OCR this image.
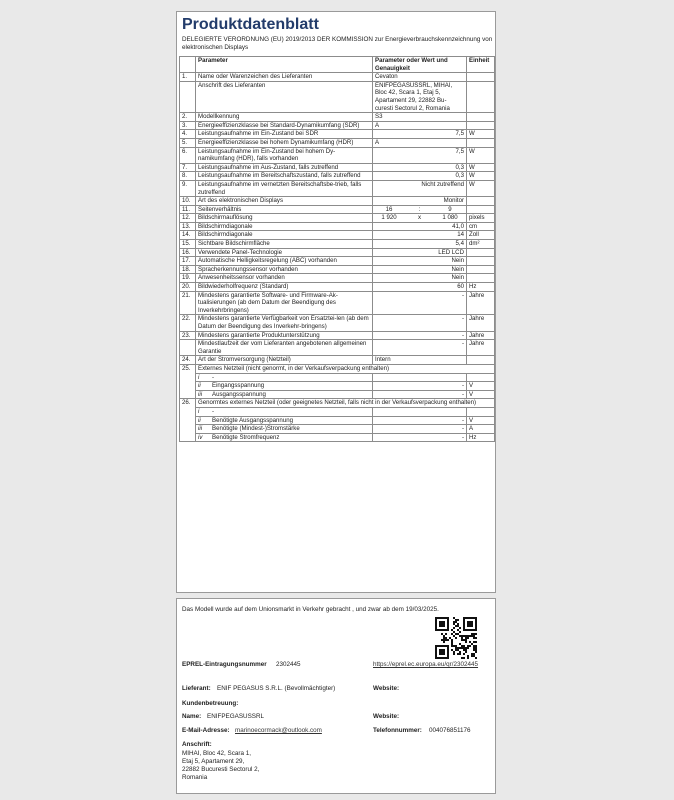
Produktdatenblatt
DELEGIERTE VERORDNUNG (EU) 2019/2013 DER KOMMISSION zur Energieverbrauchskennzeichnung von elektronischen Displays
	Parameter	Parameter oder Wert und Genauigkeit	Einheit
1.	Name oder Warenzeichen des Lieferanten	Cevaton	
	Anschrift des Lieferanten	ENIFPEGASUSSRL, MIHAI, Bloc 42, Scara 1, Etaj 5, Apartament 29, 22882 Bu-curesti Sectorul 2, Romania	
2.	Modellkennung	S3	
3.	Energieeffizienzklasse bei Standard-Dynamikumfang (SDR)	A	
4.	Leistungsaufnahme im Ein-Zustand bei SDR	7,5	W
5.	Energieeffizienzklasse bei hohem Dynamikumfang (HDR)	A	
6.	Leistungsaufnahme im Ein-Zustand bei hohem Dy-namikumfang (HDR), falls vorhanden	7,5	W
7.	Leistungsaufnahme im Aus-Zustand, falls zutreffend	0,3	W
8.	Leistungsaufnahme im Bereitschaftszustand, falls zutreffend	0,3	W
9.	Leistungsaufnahme im vernetzten Bereitschaftsbe-trieb, falls zutreffend	Nicht zutreffend	W
10.	Art des elektronischen Displays	Monitor	
11.	Seitenverhältnis	16 : 9	

12.	Bildschirmauflösung	1 920 x 1 080	pixels
13.	Bildschirmdiagonale	41,0	cm
14.	Bildschirmdiagonale	14	Zoll
15.	Sichtbare Bildschirmfläche	5,4	dm²
16.	Verwendete Panel-Technologie	LED LCD	
17.	Automatische Helligkeitsregelung (ABC) vorhanden	Nein	
18.	Spracherkennungssensor vorhanden	Nein	
19.	Anwesenheitssensor vorhanden	Nein	
20.	Bildwiederholfrequenz (Standard)	60	Hz
21.	Mindestens garantierte Software- und Firmware-Ak-tualisierungen (ab dem Datum der Beendigung des Inverkehrbringens)	-	Jahre
22.	Mindestens garantierte Verfügbarkeit von Ersatztei-len (ab dem Datum der Beendigung des Inverkehr-bringens)	-	Jahre
23.	Mindestens garantierte Produktunterstützung	-	Jahre
	Mindestlaufzeit der vom Lieferanten angebotenen allgemeinen Garantie	-	Jahre
24.	Art der Stromversorgung (Netzteil)	Intern	
25.	Externes Netzteil (nicht genormt, in der Verkaufsverpackung enthalten)		
	i -		
	ii Eingangsspannung	-	V
	iii Ausgangsspannung	-	V
26.	Genormtes externes Netzteil (oder geeignetes Netzteil, falls nicht in der Verkaufsverpackung enthalten)		
	i -		
	ii Benötigte Ausgangsspannung	-	V
	iii Benötigte (Mindest-)Stromstärke	-	A
	iv Benötigte Stromfrequenz	-	Hz
Das Modell wurde auf dem Unionsmarkt in Verkehr gebracht , und zwar ab dem 19/03/2025.
EPREL-Eintragungsnummer 2302445	https://eprel.ec.europa.eu/qr/2302445
Lieferant: ENIF PEGASUS S.R.L. (Bevollmächtigter)	Website:
Kundenbetreuung:
Name: ENIFPEGASUSSRL	Website:
E-Mail-Adresse: marinoecormack@outlook.com	Telefonnummer: 004076851176
Anschrift:
MIHAI, Bloc 42, Scara 1,
Etaj 5, Apartament 29,
22882 Bucuresti Sectorul 2,
Romania
